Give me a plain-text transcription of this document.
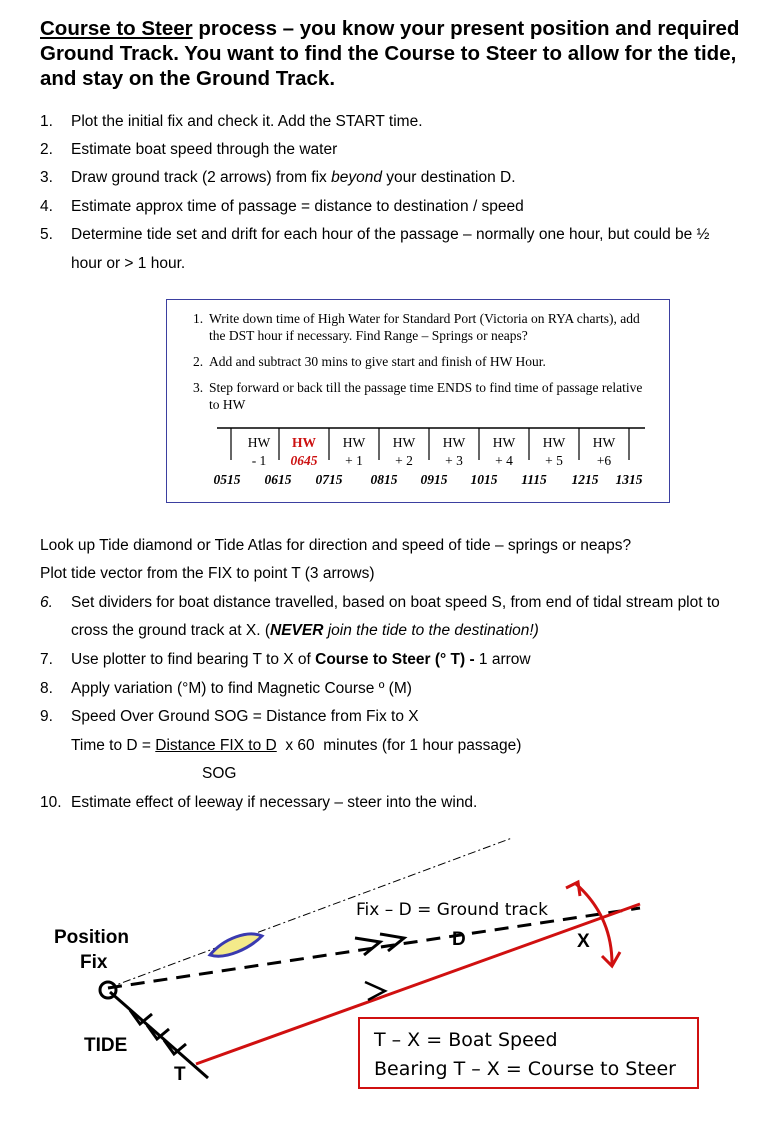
Course to Steer process – you know your present position and required Ground Track. You want to find the Course to Steer to allow for the tide, and stay on the Ground Track.
1. Plot the initial fix and check it. Add the START time.
2. Estimate boat speed through the water
3. Draw ground track (2 arrows) from fix beyond your destination D.
4. Estimate approx time of passage = distance to destination / speed
5. Determine tide set and drift for each hour of the passage – normally one hour, but could be ½
hour or > 1 hour.
1. Write down time of High Water for Standard Port (Victoria on RYA charts), add the DST hour if necessary. Find Range – Springs or neaps?
2. Add and subtract 30 mins to give start and finish of HW Hour.
3. Step forward or back till the passage time ENDS to find time of passage relative to HW
HW	HW	HW	HW	HW	HW	HW	HW
- 1	0645	+ 1	+ 2	+ 3	+ 4	+ 5	+6
0515	0615	0715	0815	0915	1015	1115	1215	1315
Look up Tide diamond or Tide Atlas for direction and speed of tide – springs or neaps?
Plot tide vector from the FIX to point T (3 arrows)
6. Set dividers for boat distance travelled, based on boat speed S, from end of tidal stream plot to
cross the ground track at X. (NEVER join the tide to the destination!)
7. Use plotter to find bearing T to X of Course to Steer (° T) - 1 arrow
8. Apply variation (°M) to find Magnetic Course º (M)
9. Speed Over Ground SOG = Distance from Fix to X
Time to D = Distance FIX to D  x 60  minutes (for 1 hour passage)
SOG
10. Estimate effect of leeway if necessary – steer into the wind.
Position
Fix
TIDE
T
D	X
Fix – D = Ground track
T – X = Boat Speed
Bearing T – X = Course to Steer
